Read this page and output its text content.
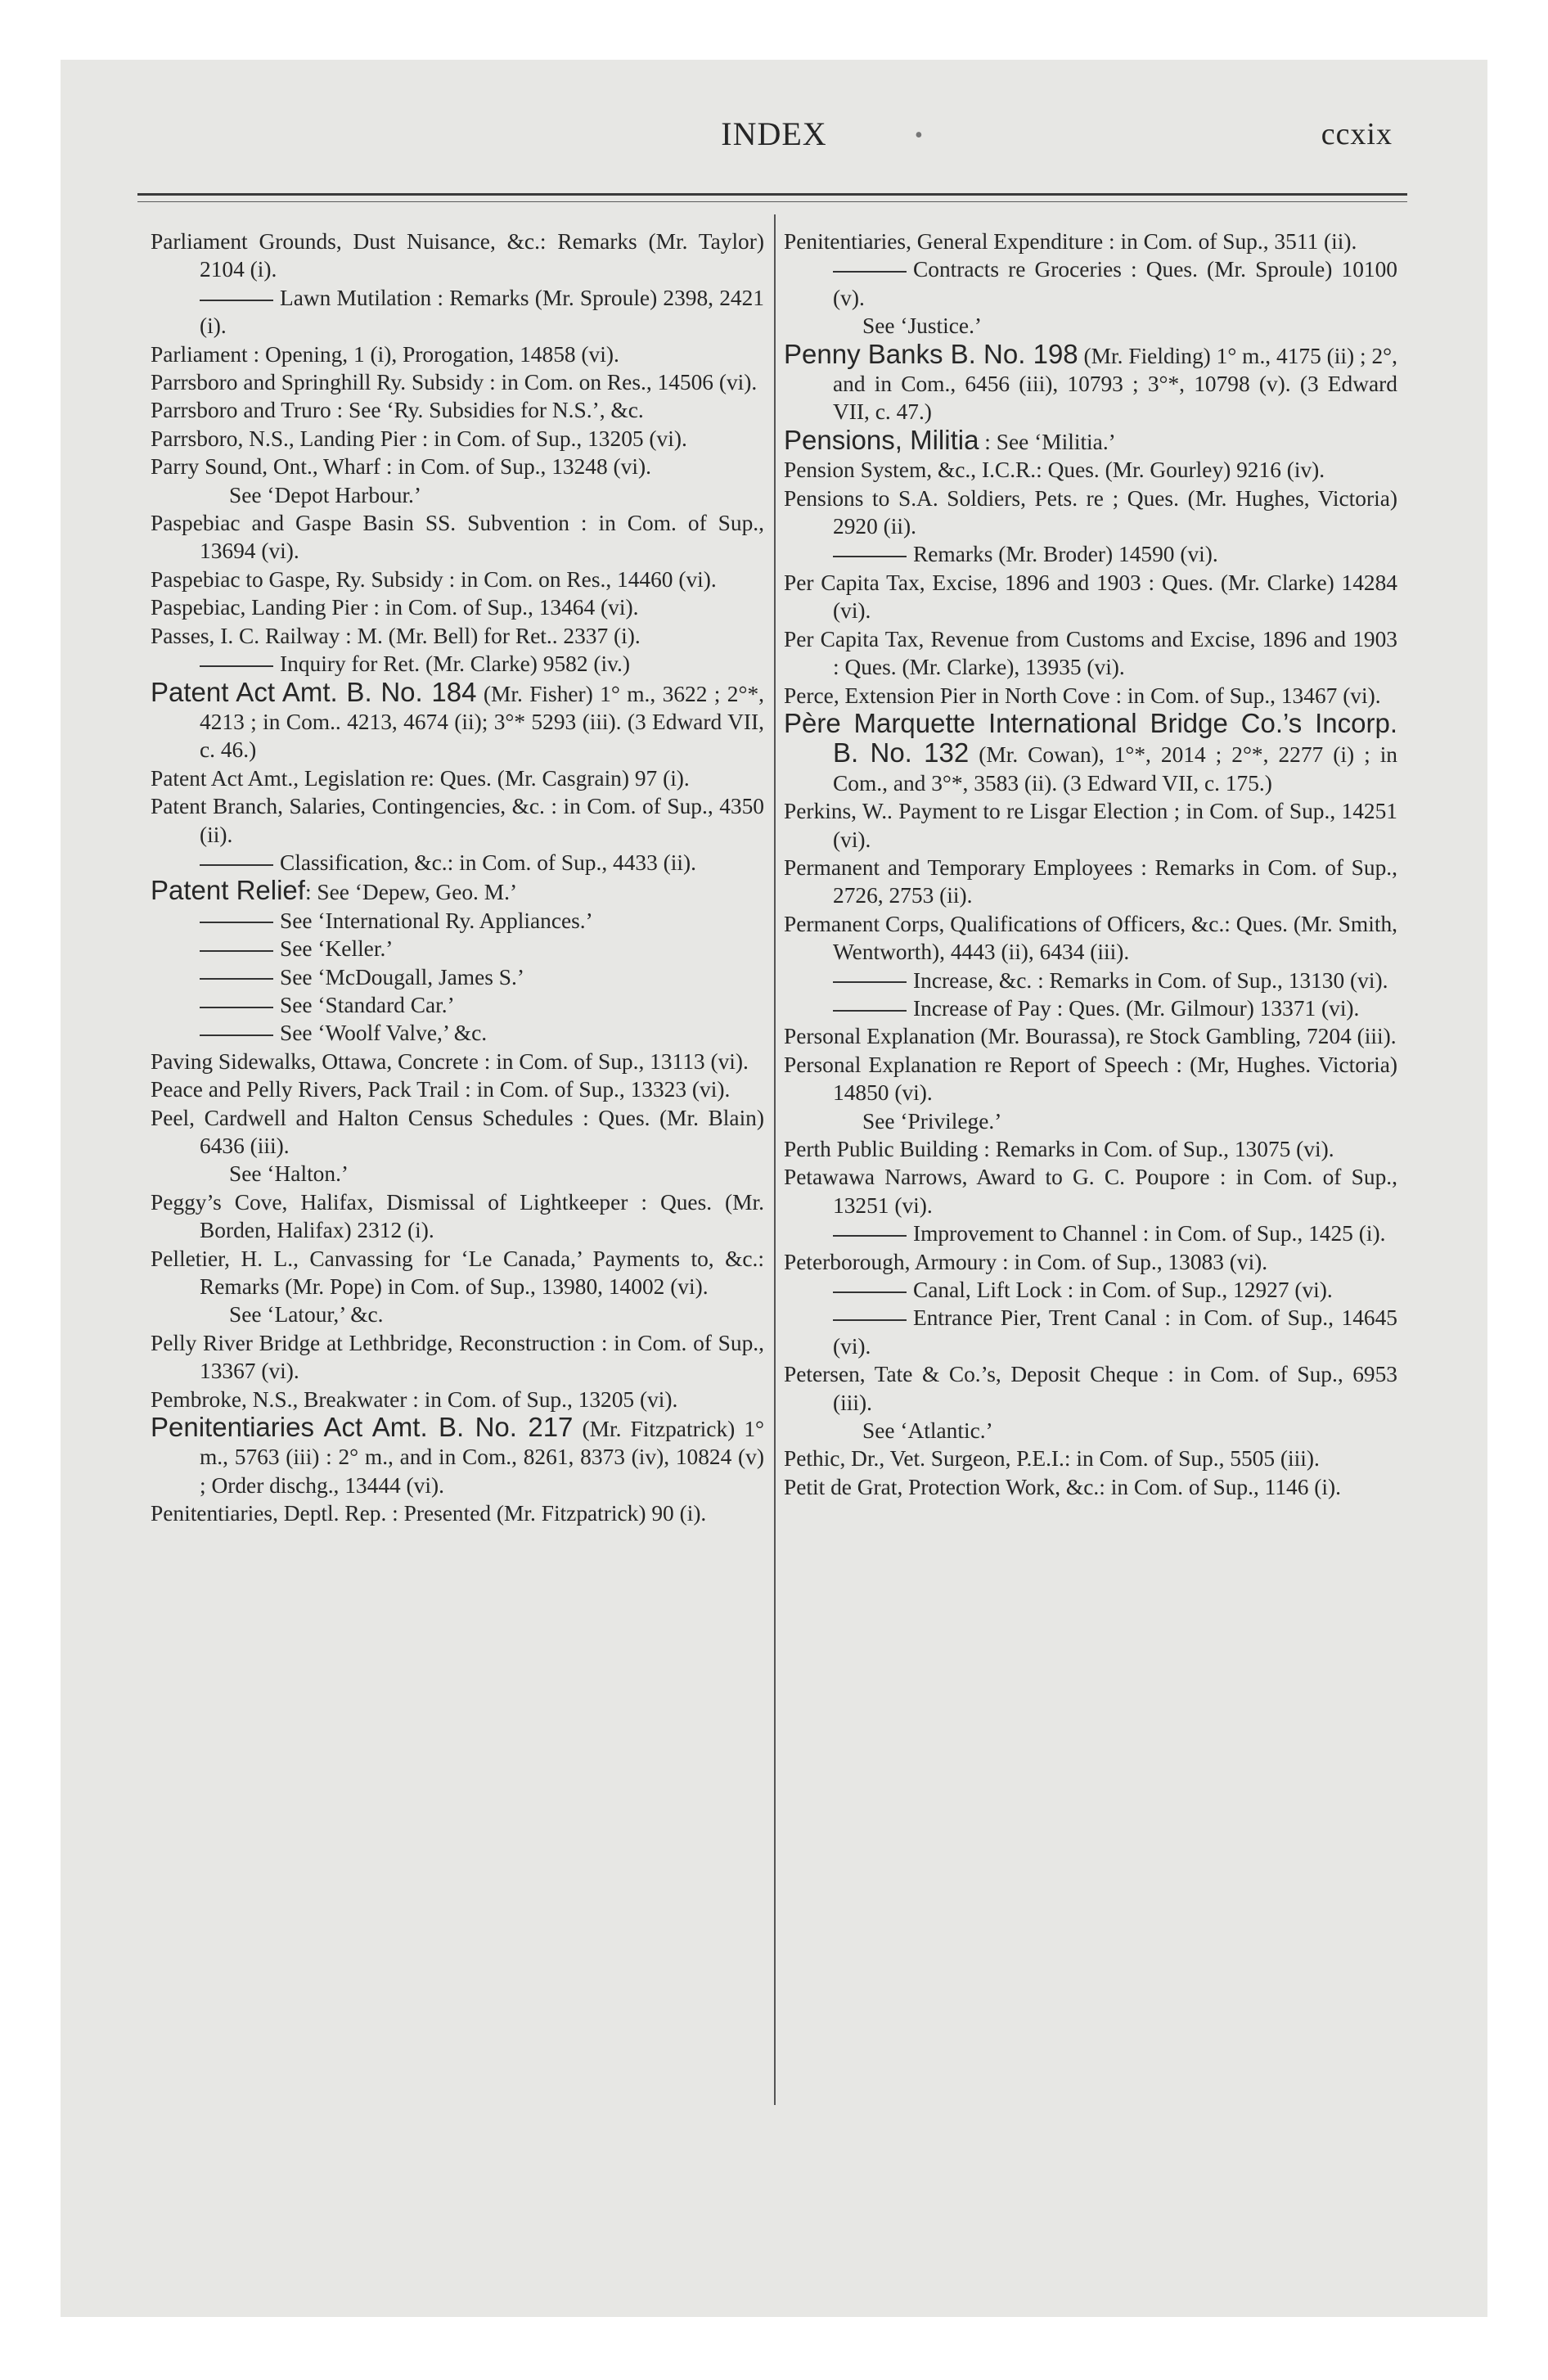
INDEX	•	ccxix
Parliament Grounds, Dust Nuisance, &c.: Remarks (Mr. Taylor) 2104 (i).
Lawn Mutilation : Remarks (Mr. Sproule) 2398, 2421 (i).
Parliament : Opening, 1 (i), Prorogation, 14858 (vi).
Parrsboro and Springhill Ry. Subsidy : in Com. on Res., 14506 (vi).
Parrsboro and Truro : See ‘Ry. Subsidies for N.S.’, &c.
Parrsboro, N.S., Landing Pier : in Com. of Sup., 13205 (vi).
Parry Sound, Ont., Wharf : in Com. of Sup., 13248 (vi).
See ‘Depot Harbour.’
Paspebiac and Gaspe Basin SS. Subvention : in Com. of Sup., 13694 (vi).
Paspebiac to Gaspe, Ry. Subsidy : in Com. on Res., 14460 (vi).
Paspebiac, Landing Pier : in Com. of Sup., 13464 (vi).
Passes, I. C. Railway : M. (Mr. Bell) for Ret.. 2337 (i).
Inquiry for Ret. (Mr. Clarke) 9582 (iv.)
Patent Act Amt. B. No. 184 (Mr. Fisher) 1° m., 3622 ; 2°*, 4213 ; in Com.. 4213, 4674 (ii); 3°* 5293 (iii). (3 Edward VII, c. 46.)
Patent Act Amt., Legislation re: Ques. (Mr. Casgrain) 97 (i).
Patent Branch, Salaries, Contingencies, &c. : in Com. of Sup., 4350 (ii).
Classification, &c.: in Com. of Sup., 4433 (ii).
Patent Relief: See ‘Depew, Geo. M.’
See ‘International Ry. Appliances.’
See ‘Keller.’
See ‘McDougall, James S.’
See ‘Standard Car.’
See ‘Woolf Valve,’ &c.
Paving Sidewalks, Ottawa, Concrete : in Com. of Sup., 13113 (vi).
Peace and Pelly Rivers, Pack Trail : in Com. of Sup., 13323 (vi).
Peel, Cardwell and Halton Census Schedules : Ques. (Mr. Blain) 6436 (iii).
See ‘Halton.’
Peggy’s Cove, Halifax, Dismissal of Lightkeeper : Ques. (Mr. Borden, Halifax) 2312 (i).
Pelletier, H. L., Canvassing for ‘Le Canada,’ Payments to, &c.: Remarks (Mr. Pope) in Com. of Sup., 13980, 14002 (vi).
See ‘Latour,’ &c.
Pelly River Bridge at Lethbridge, Reconstruction : in Com. of Sup., 13367 (vi).
Pembroke, N.S., Breakwater : in Com. of Sup., 13205 (vi).
Penitentiaries Act Amt. B. No. 217 (Mr. Fitzpatrick) 1° m., 5763 (iii) : 2° m., and in Com., 8261, 8373 (iv), 10824 (v) ; Order dischg., 13444 (vi).
Penitentiaries, Deptl. Rep. : Presented (Mr. Fitzpatrick) 90 (i).
Penitentiaries, General Expenditure : in Com. of Sup., 3511 (ii).
Contracts re Groceries : Ques. (Mr. Sproule) 10100 (v).
See ‘Justice.’
Penny Banks B. No. 198 (Mr. Fielding) 1° m., 4175 (ii) ; 2°, and in Com., 6456 (iii), 10793 ; 3°*, 10798 (v). (3 Edward VII, c. 47.)
Pensions, Militia : See ‘Militia.’
Pension System, &c., I.C.R.: Ques. (Mr. Gourley) 9216 (iv).
Pensions to S.A. Soldiers, Pets. re ; Ques. (Mr. Hughes, Victoria) 2920 (ii).
Remarks (Mr. Broder) 14590 (vi).
Per Capita Tax, Excise, 1896 and 1903 : Ques. (Mr. Clarke) 14284 (vi).
Per Capita Tax, Revenue from Customs and Excise, 1896 and 1903 : Ques. (Mr. Clarke), 13935 (vi).
Perce, Extension Pier in North Cove : in Com. of Sup., 13467 (vi).
Père Marquette International Bridge Co.’s Incorp. B. No. 132 (Mr. Cowan), 1°*, 2014 ; 2°*, 2277 (i) ; in Com., and 3°*, 3583 (ii). (3 Edward VII, c. 175.)
Perkins, W.. Payment to re Lisgar Election ; in Com. of Sup., 14251 (vi).
Permanent and Temporary Employees : Remarks in Com. of Sup., 2726, 2753 (ii).
Permanent Corps, Qualifications of Officers, &c.: Ques. (Mr. Smith, Wentworth), 4443 (ii), 6434 (iii).
Increase, &c. : Remarks in Com. of Sup., 13130 (vi).
Increase of Pay : Ques. (Mr. Gilmour) 13371 (vi).
Personal Explanation (Mr. Bourassa), re Stock Gambling, 7204 (iii).
Personal Explanation re Report of Speech : (Mr, Hughes. Victoria) 14850 (vi).
See ‘Privilege.’
Perth Public Building : Remarks in Com. of Sup., 13075 (vi).
Petawawa Narrows, Award to G. C. Poupore : in Com. of Sup., 13251 (vi).
Improvement to Channel : in Com. of Sup., 1425 (i).
Peterborough, Armoury : in Com. of Sup., 13083 (vi).
Canal, Lift Lock : in Com. of Sup., 12927 (vi).
Entrance Pier, Trent Canal : in Com. of Sup., 14645 (vi).
Petersen, Tate & Co.’s, Deposit Cheque : in Com. of Sup., 6953 (iii).
See ‘Atlantic.’
Pethic, Dr., Vet. Surgeon, P.E.I.: in Com. of Sup., 5505 (iii).
Petit de Grat, Protection Work, &c.: in Com. of Sup., 1146 (i).
